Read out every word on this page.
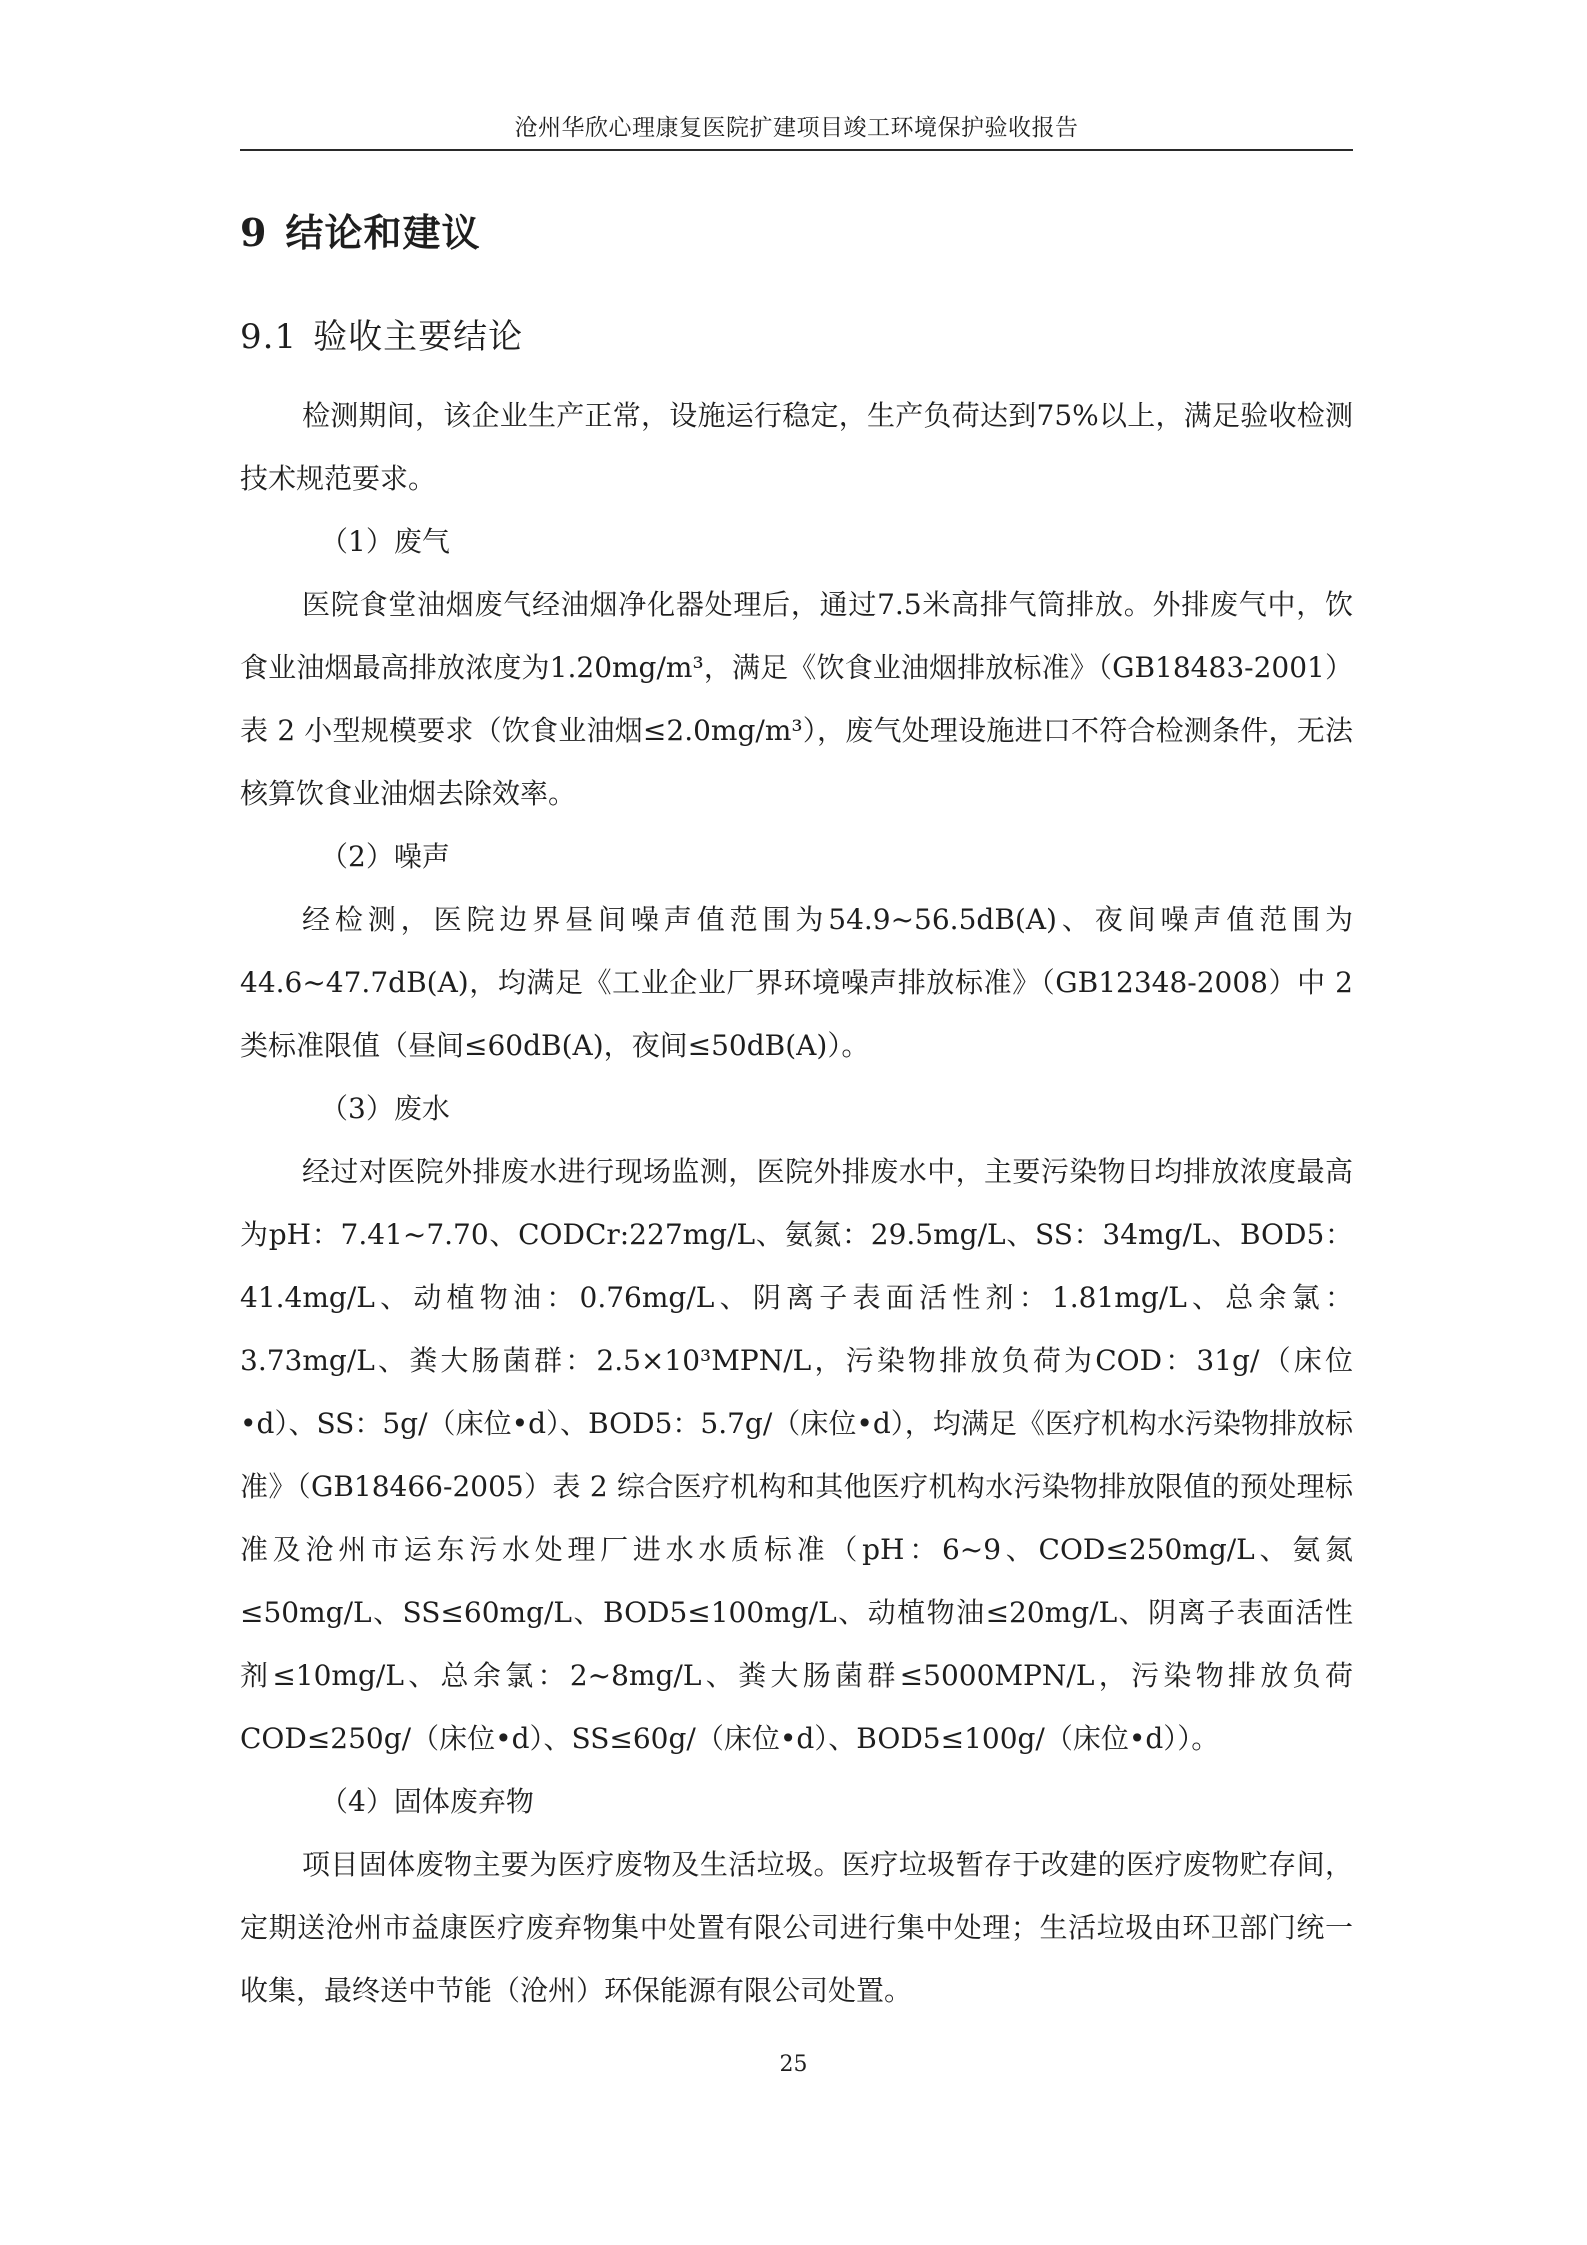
沧州华欣心理康复医院扩建项目竣工环境保护验收报告
9 结论和建议
9.1 验收主要结论

检测期间，该企业生产正常，设施运行稳定，生产负荷达到75%以上，满足验收检测技术规范要求。

（1）废气

医院食堂油烟废气经油烟净化器处理后，通过7.5米高排气筒排放。外排废气中，饮食业油烟最高排放浓度为1.20mg/m³，满足《饮食业油烟排放标准》（GB18483-2001）表 2 小型规模要求（饮食业油烟≤2.0mg/m³），废气处理设施进口不符合检测条件，无法核算饮食业油烟去除效率。

（2）噪声

经检测，医院边界昼间噪声值范围为54.9~56.5dB(A)、夜间噪声值范围为44.6~47.7dB(A)，均满足《工业企业厂界环境噪声排放标准》（GB12348-2008）中 2 类标准限值（昼间≤60dB(A)，夜间≤50dB(A)）。

（3）废水

经过对医院外排废水进行现场监测，医院外排废水中，主要污染物日均排放浓度最高为pH：7.41~7.70、CODCr:227mg/L、氨氮：29.5mg/L、SS：34mg/L、BOD5：41.4mg/L、动植物油：0.76mg/L、阴离子表面活性剂：1.81mg/L、总余氯：3.73mg/L、粪大肠菌群：2.5×10³MPN/L，污染物排放负荷为COD：31g/（床位•d）、SS：5g/（床位•d）、BOD5：5.7g/（床位•d），均满足《医疗机构水污染物排放标准》（GB18466-2005）表 2 综合医疗机构和其他医疗机构水污染物排放限值的预处理标准及沧州市运东污水处理厂进水水质标准（pH：6~9、COD≤250mg/L、氨氮≤50mg/L、SS≤60mg/L、BOD5≤100mg/L、动植物油≤20mg/L、阴离子表面活性剂≤10mg/L、总余氯：2~8mg/L、粪大肠菌群≤5000MPN/L，污染物排放负荷COD≤250g/（床位•d）、SS≤60g/（床位•d）、BOD5≤100g/（床位•d））。

（4）固体废弃物

项目固体废物主要为医疗废物及生活垃圾。医疗垃圾暂存于改建的医疗废物贮存间，定期送沧州市益康医疗废弃物集中处置有限公司进行集中处理；生活垃圾由环卫部门统一收集，最终送中节能（沧州）环保能源有限公司处置。

25
